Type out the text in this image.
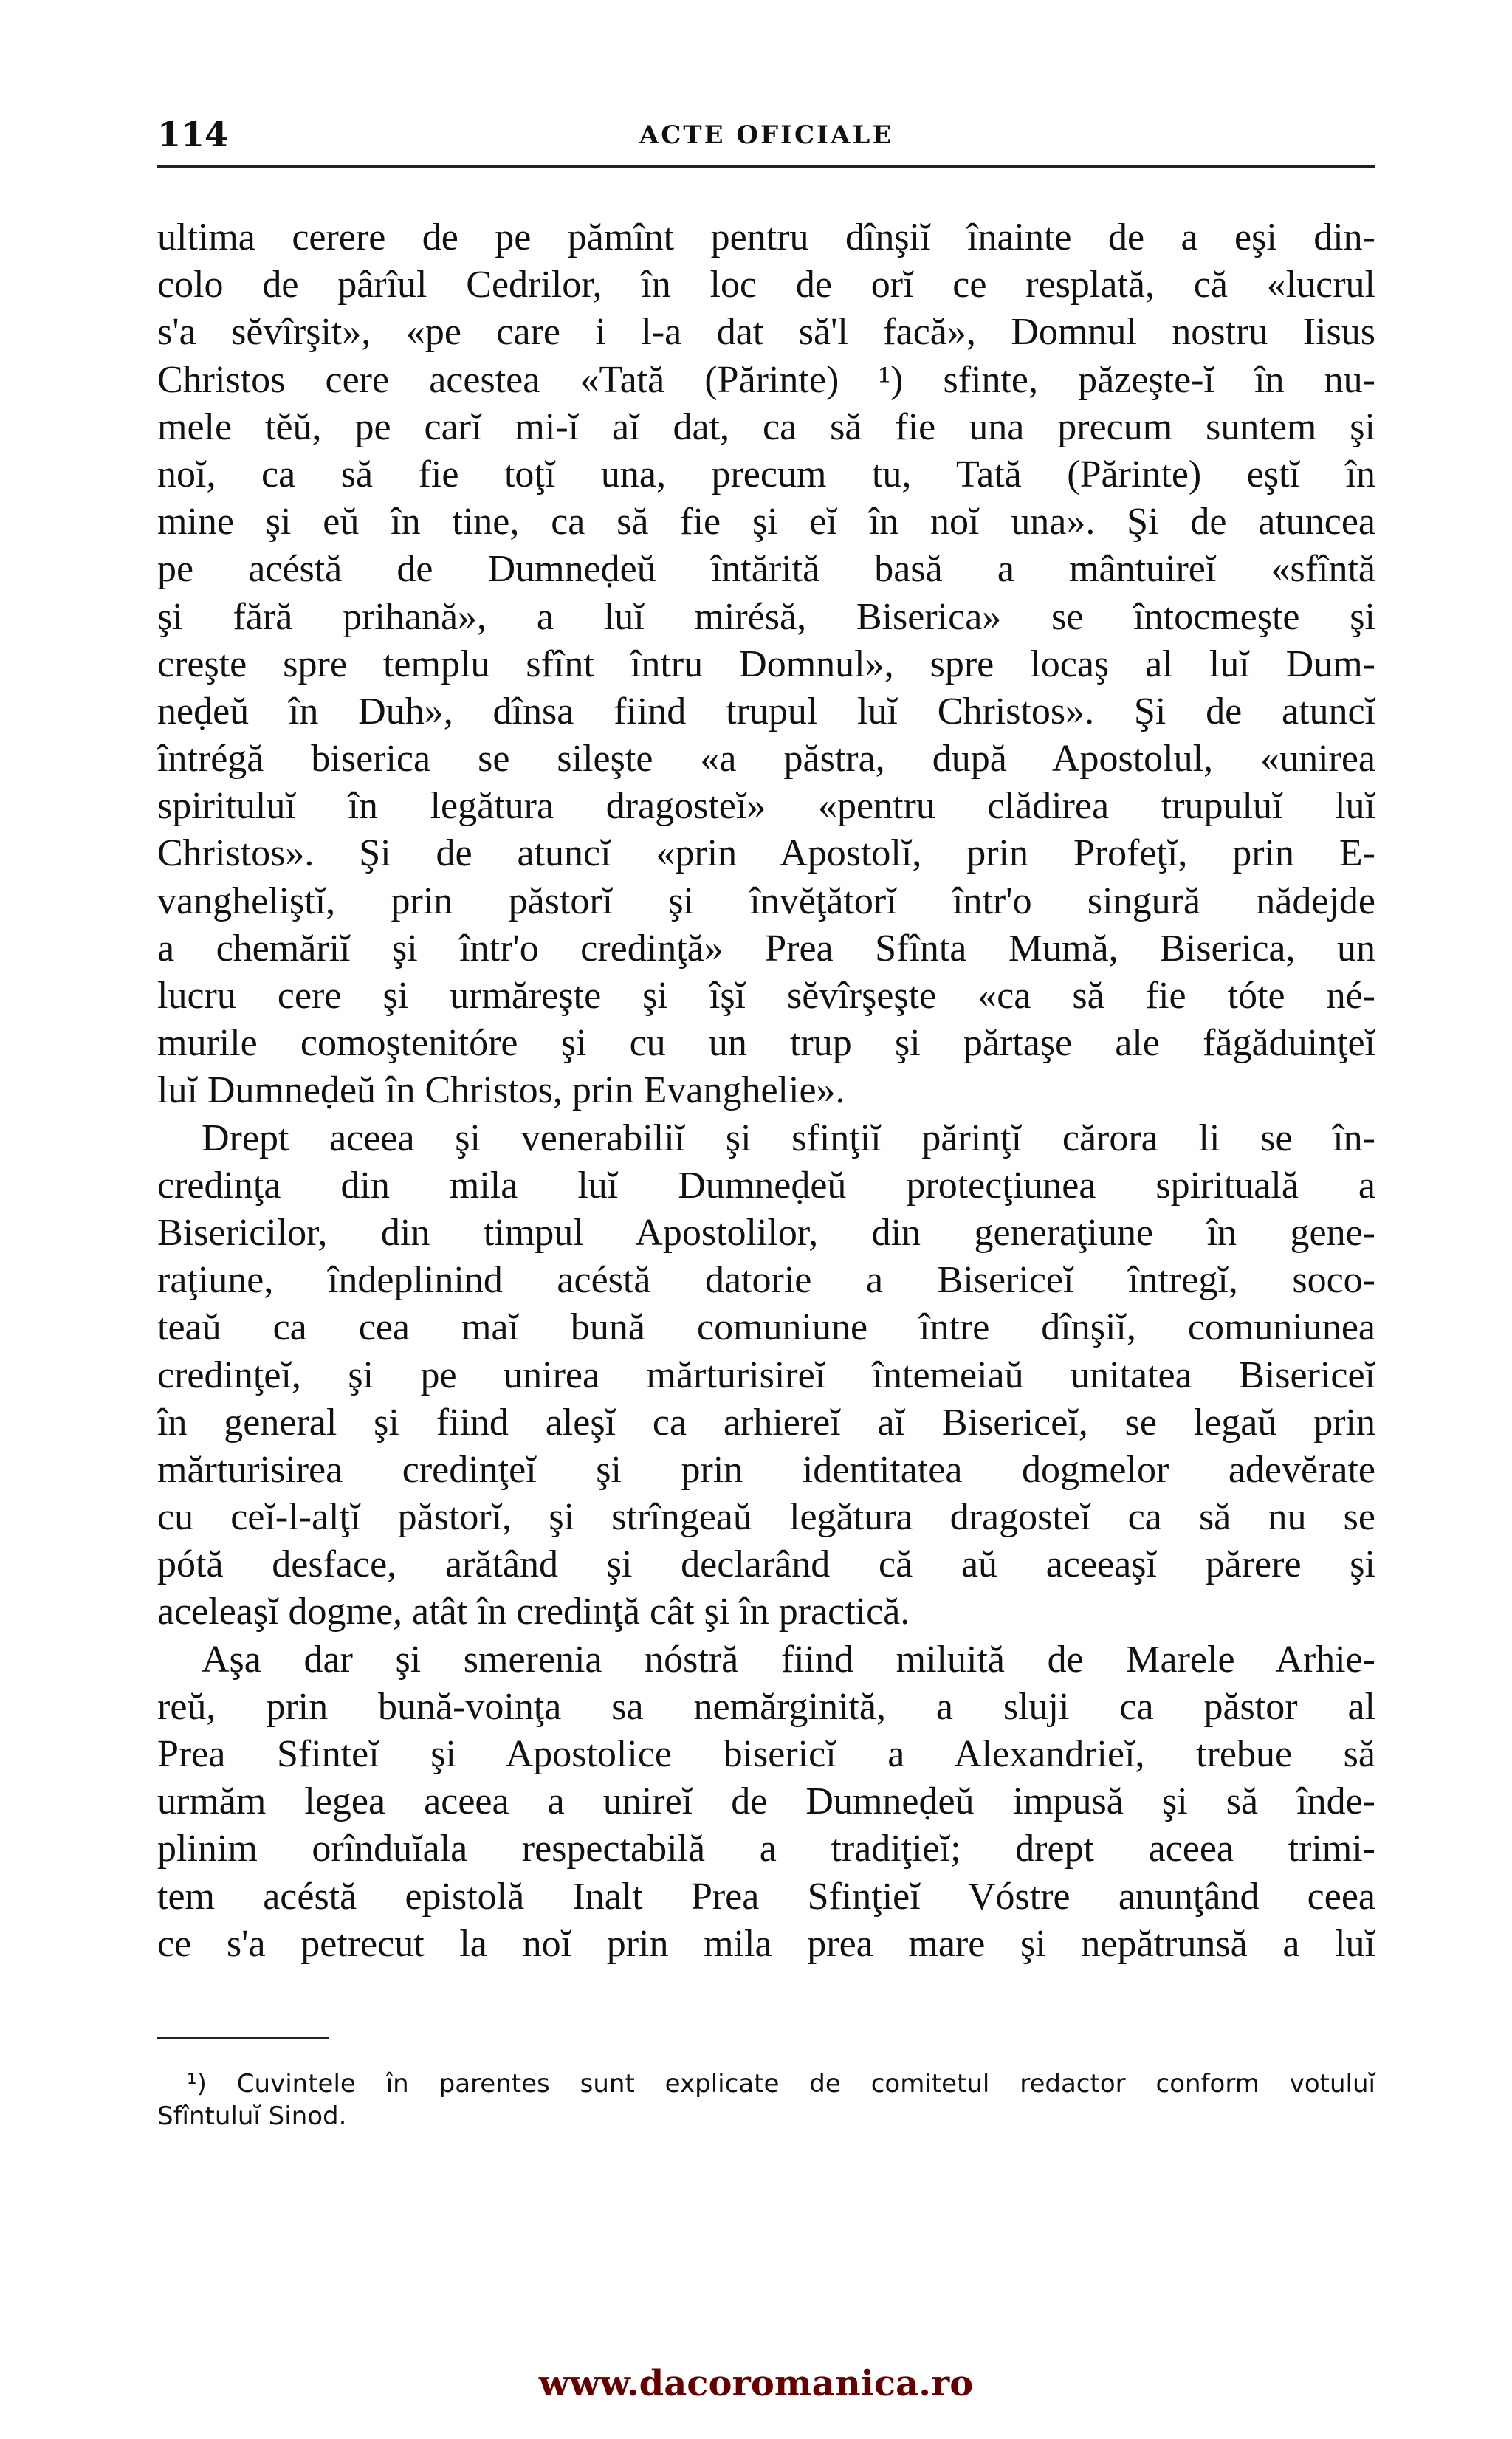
114	ACTE OFICIALE
ultima cerere de pe pămînt pentru dînşiĭ înainte de a eşi din-
colo de pârîul Cedrilor, în loc de orĭ ce resplată, că «lucrul
s'a sĕvîrşit», «pe care i l-a dat să'l facă», Domnul nostru Iisus
Christos cere acestea «Tată (Părinte) ¹) sfinte, păzeşte-ĭ în nu-
mele tĕŭ, pe carĭ mi-ĭ aĭ dat, ca să fie una precum suntem şi
noĭ, ca să fie toţĭ una, precum tu, Tată (Părinte) eştĭ în
mine şi eŭ în tine, ca să fie şi eĭ în noĭ una». Şi de atuncea
pe acéstă de Dumneḍeŭ întărită basă a mântuireĭ «sfîntă
şi fără prihană», a luĭ mirésă, Biserica» se întocmeşte şi
creşte spre templu sfînt întru Domnul», spre locaş al luĭ Dum-
neḍeŭ în Duh», dînsa fiind trupul luĭ Christos». Şi de atuncĭ
întrégă biserica se sileşte «a păstra, după Apostolul, «unirea
spirituluĭ în legătura dragosteĭ» «pentru clădirea trupuluĭ luĭ
Christos». Şi de atuncĭ «prin Apostolĭ, prin Profeţĭ, prin E-
vangheliştĭ, prin păstorĭ şi învĕţătorĭ într'o singură nădejde
a chemăriĭ şi într'o credinţă» Prea Sfînta Mumă, Biserica, un
lucru cere şi urmăreşte şi îşĭ sĕvîrşeşte «ca să fie tóte né-
murile comoştenitóre şi cu un trup şi părtaşe ale făgăduinţeĭ
luĭ Dumneḍeŭ în Christos, prin Evanghelie».
Drept aceea şi venerabiliĭ şi sfinţiĭ părinţĭ cărora li se în-
credinţa din mila luĭ Dumneḍeŭ protecţiunea spirituală a
Bisericilor, din timpul Apostolilor, din generaţiune în gene-
raţiune, îndeplinind acéstă datorie a Bisericeĭ întregĭ, soco-
teaŭ ca cea maĭ bună comuniune între dînşiĭ, comuniunea
credinţeĭ, şi pe unirea mărturisireĭ întemeiaŭ unitatea Bisericeĭ
în general şi fiind aleşĭ ca arhiereĭ aĭ Bisericeĭ, se legaŭ prin
mărturisirea credinţeĭ şi prin identitatea dogmelor adevĕrate
cu ceĭ-l-alţĭ păstorĭ, şi strîngeaŭ legătura dragosteĭ ca să nu se
pótă desface, arătând şi declarând că aŭ aceeaşĭ părere şi
aceleaşĭ dogme, atât în credinţă cât şi în practică.
Aşa dar şi smerenia nóstră fiind miluită de Marele Arhie-
reŭ, prin bună-voinţa sa nemărginită, a sluji ca păstor al
Prea Sfinteĭ şi Apostolice bisericĭ a Alexandrieĭ, trebue să
urmăm legea aceea a unireĭ de Dumneḍeŭ impusă şi să înde-
plinim orînduĭala respectabilă a tradiţieĭ; drept aceea trimi-
tem acéstă epistolă Inalt Prea Sfinţieĭ Vóstre anunţând ceea
ce s'a petrecut la noĭ prin mila prea mare şi nepătrunsă a luĭ
¹) Cuvintele în parentes sunt explicate de comitetul redactor conform votuluĭ
Sfîntuluĭ Sinod.
www.dacoromanica.ro
